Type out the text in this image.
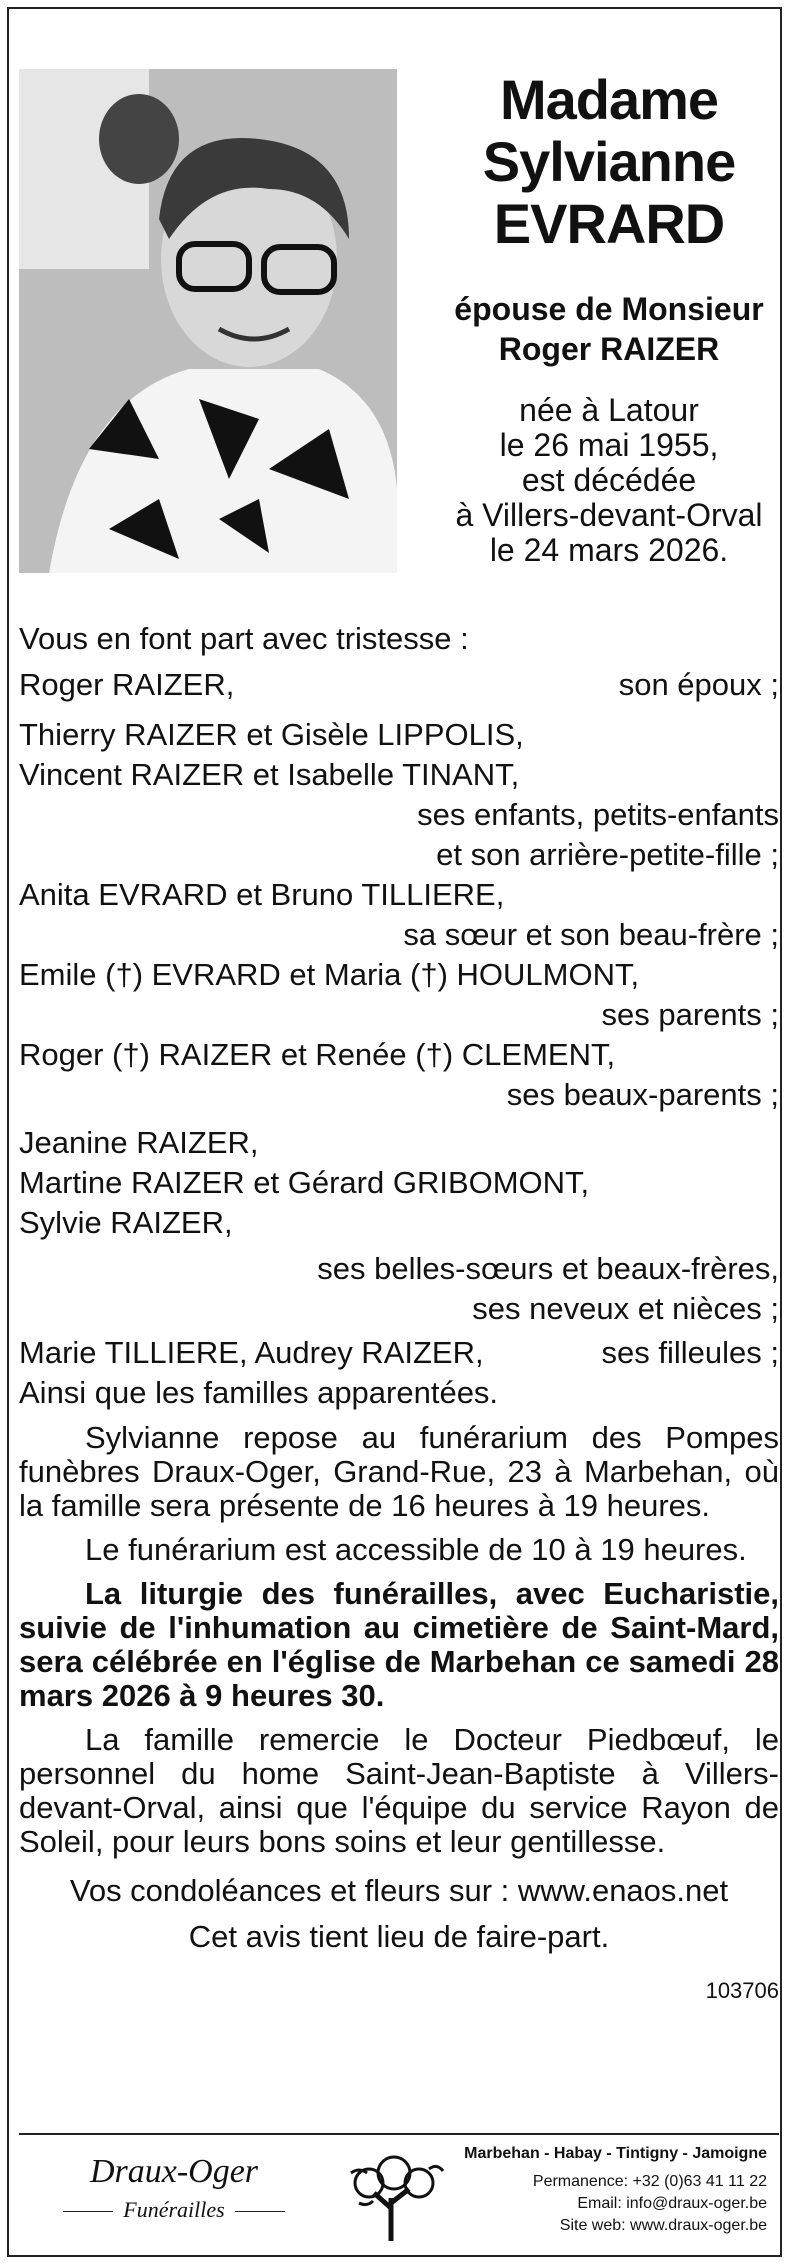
Madame
Sylvianne
EVRARD
épouse de Monsieur
Roger RAIZER
née à Latour
le 26 mai 1955,
est décédée
à Villers-devant-Orval
le 24 mars 2026.
Vous en font part avec tristesse :
Roger RAIZER,	son époux ;
Thierry RAIZER et Gisèle LIPPOLIS,
Vincent RAIZER et Isabelle TINANT,
ses enfants, petits-enfants
et son arrière-petite-fille ;
Anita EVRARD et Bruno TILLIERE,
sa sœur et son beau-frère ;
Emile (†) EVRARD et Maria (†) HOULMONT,
ses parents ;
Roger (†) RAIZER et Renée (†) CLEMENT,
ses beaux-parents ;
Jeanine RAIZER,
Martine RAIZER et Gérard GRIBOMONT,
Sylvie RAIZER,
ses belles-sœurs et beaux-frères,
ses neveux et nièces ;
Marie TILLIERE, Audrey RAIZER,	ses filleules ;
Ainsi que les familles apparentées.
Sylvianne repose au funérarium des Pompes funèbres Draux-Oger, Grand-Rue, 23 à Marbehan, où la famille sera présente de 16 heures à 19 heures.
Le funérarium est accessible de 10 à 19 heures.
La liturgie des funérailles, avec Eucharistie, suivie de l'inhumation au cimetière de Saint-Mard, sera célébrée en l'église de Marbehan ce samedi 28 mars 2026 à 9 heures 30.
La famille remercie le Docteur Piedbœuf, le personnel du home Saint-Jean-Baptiste à Villers-devant-Orval, ainsi que l'équipe du service Rayon de Soleil, pour leurs bons soins et leur gentillesse.
Vos condoléances et fleurs sur : www.enaos.net
Cet avis tient lieu de faire-part.
103706
Draux-Oger
Funérailles
Marbehan - Habay - Tintigny - Jamoigne
Permanence: +32 (0)63 41 11 22
Email: info@draux-oger.be
Site web: www.draux-oger.be
